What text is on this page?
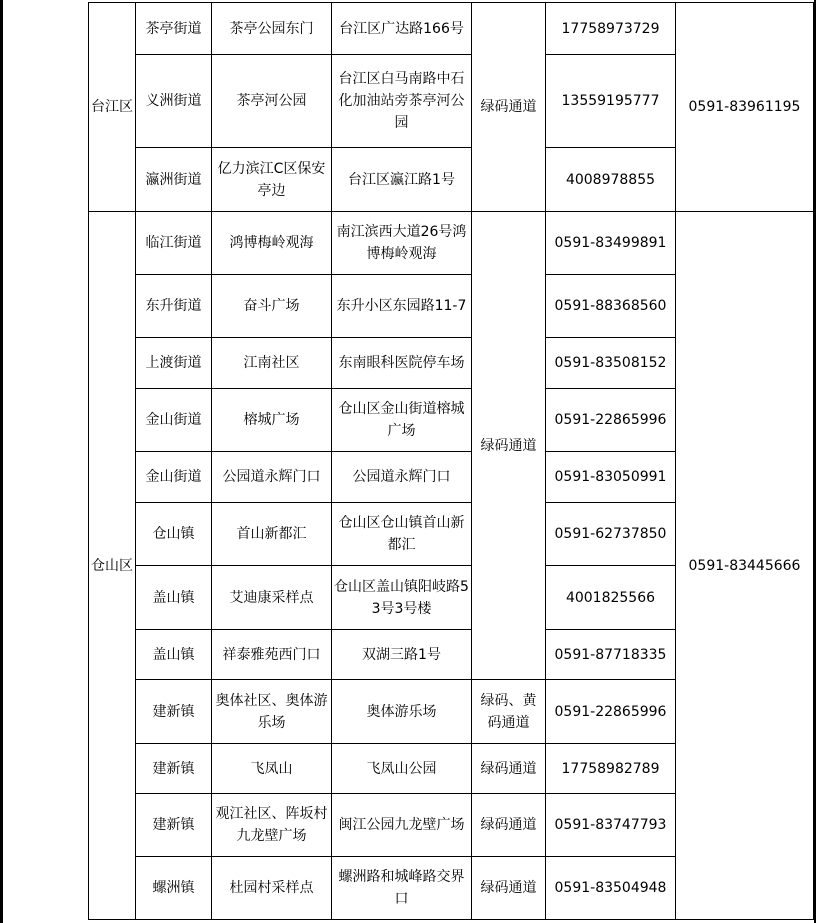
台江区	茶亭街道	茶亭公园东门	台江区广达路166号	绿码通道	17758973729	0591-83961195
	义洲街道	茶亭河公园	台江区白马南路中石化加油站旁茶亭河公园		13559195777	
	瀛洲街道	亿力滨江C区保安亭边	台江区瀛江路1号		4008978855	
仓山区	临江街道	鸿博梅岭观海	南江滨西大道26号鸿博梅岭观海	绿码通道	0591-83499891	0591-83445666
	东升街道	奋斗广场	东升小区东园路11-7		0591-88368560	
	上渡街道	江南社区	东南眼科医院停车场		0591-83508152	
	金山街道	榕城广场	仓山区金山街道榕城广场		0591-22865996	
	金山街道	公园道永辉门口	公园道永辉门口		0591-83050991	
	仓山镇	首山新都汇	仓山区仓山镇首山新都汇		0591-62737850	
	盖山镇	艾迪康采样点	仓山区盖山镇阳岐路53号3号楼		4001825566	
	盖山镇	祥泰雅苑西门口	双湖三路1号		0591-87718335	
	建新镇	奥体社区、奥体游乐场	奥体游乐场	绿码、黄码通道	0591-22865996	
	建新镇	飞凤山	飞凤山公园	绿码通道	17758982789	
	建新镇	观江社区、阵坂村九龙壁广场	闽江公园九龙壁广场	绿码通道	0591-83747793	
	螺洲镇	杜园村采样点	螺洲路和城峰路交界口	绿码通道	0591-83504948	
